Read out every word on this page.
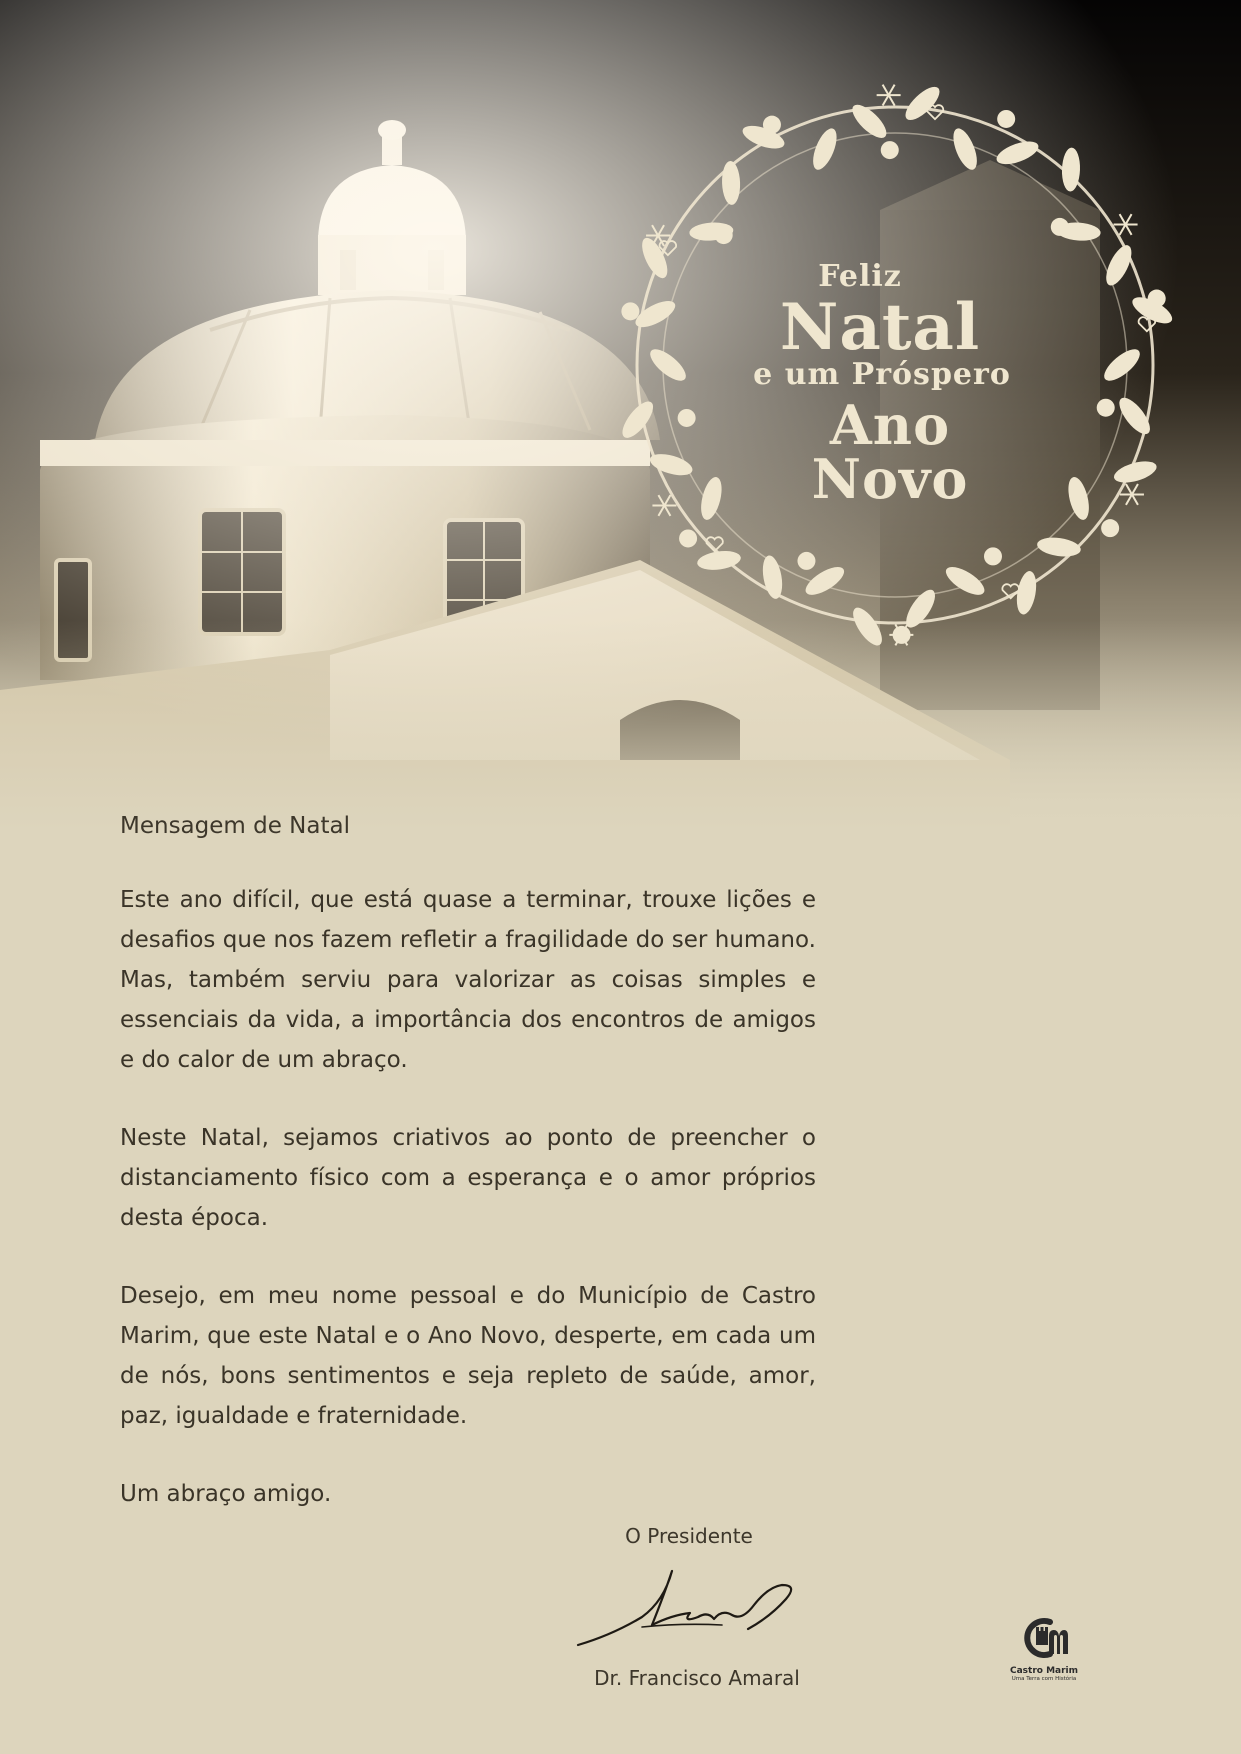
Feliz
Natal
e um Próspero
Ano Novo
Mensagem de Natal
Este ano difícil, que está quase a terminar, trouxe lições e desafios que nos fazem refletir a fragilidade do ser humano. Mas, também serviu para valorizar as coisas simples e essenciais da vida, a importância dos encontros de amigos e do calor de um abraço.
Neste Natal, sejamos criativos ao ponto de preencher o distanciamento físico com a esperança e o amor próprios desta época.
Desejo, em meu nome pessoal e do Município de Castro Marim, que este Natal e o Ano Novo, desperte, em cada um de nós, bons sentimentos e seja repleto de saúde, amor, paz, igualdade e fraternidade.
Um abraço amigo.
O Presidente
Dr. Francisco Amaral	Castro Marim
Uma Terra com História
